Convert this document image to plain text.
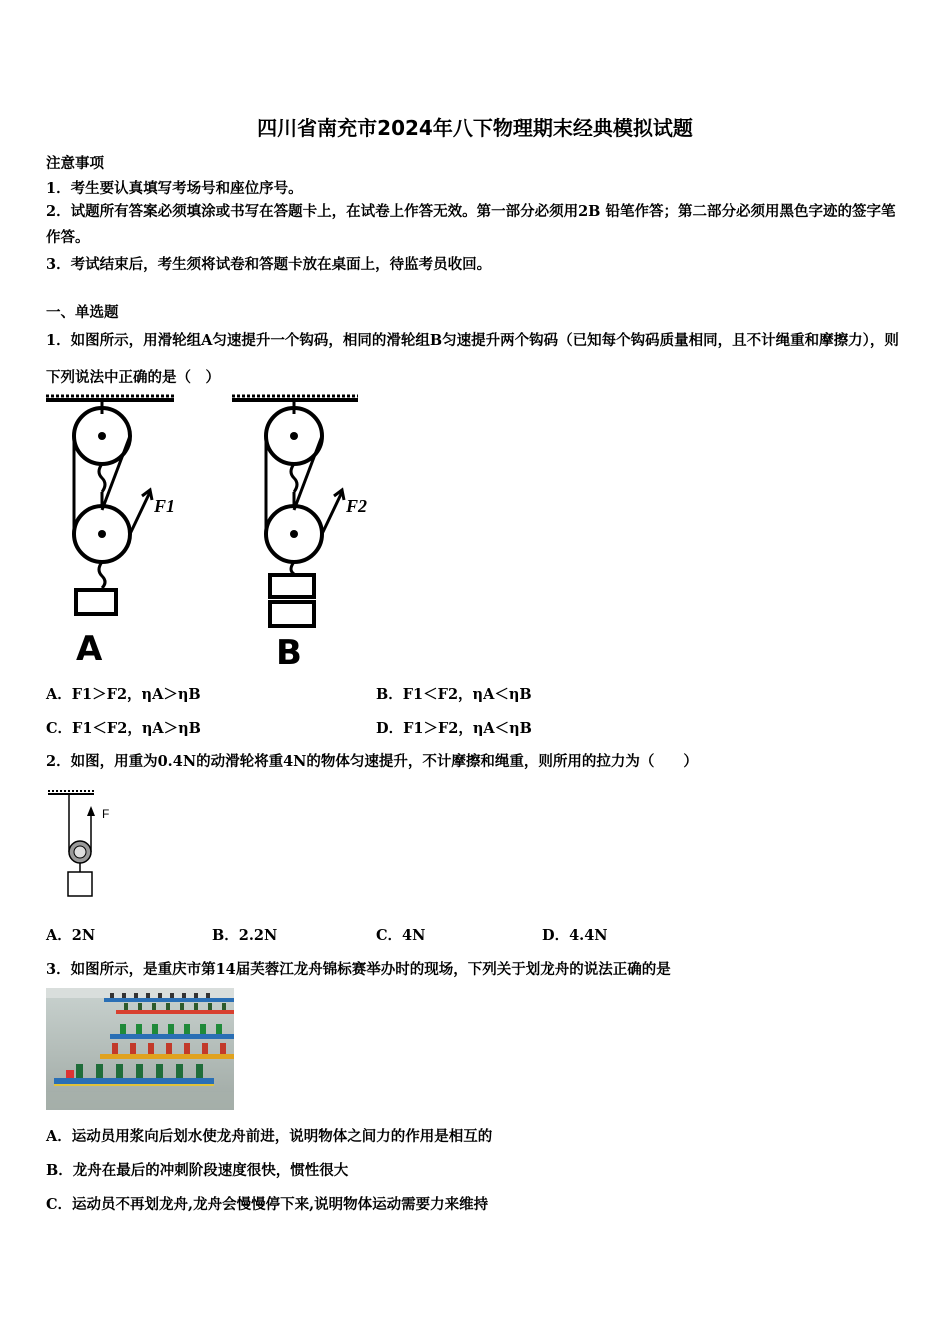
四川省南充市2024年八下物理期末经典模拟试题
注意事项
1．考生要认真填写考场号和座位序号。
2．试题所有答案必须填涂或书写在答题卡上，在试卷上作答无效。第一部分必须用2B 铅笔作答；第二部分必须用黑色字迹的签字笔作答。
3．考试结束后，考生须将试卷和答题卡放在桌面上，待监考员收回。
一、单选题
1．如图所示，用滑轮组A匀速提升一个钩码，相同的滑轮组B匀速提升两个钩码（已知每个钩码质量相同，且不计绳重和摩擦力），则下列说法中正确的是（　）
F1
A
F2
B
A．F1＞F2，ηA＞ηB	B．F1＜F2，ηA＜ηB
C．F1＜F2，ηA＞ηB	D．F1＞F2，ηA＜ηB
2．如图，用重为0.4N的动滑轮将重4N的物体匀速提升，不计摩擦和绳重，则所用的拉力为（　　）
F
A．2N	B．2.2N	C．4N	D．4.4N
3．如图所示，是重庆市第14届芙蓉江龙舟锦标赛举办时的现场，下列关于划龙舟的说法正确的是
A．运动员用浆向后划水使龙舟前进，说明物体之间力的作用是相互的
B．龙舟在最后的冲刺阶段速度很快，惯性很大
C．运动员不再划龙舟,龙舟会慢慢停下来,说明物体运动需要力来维持
